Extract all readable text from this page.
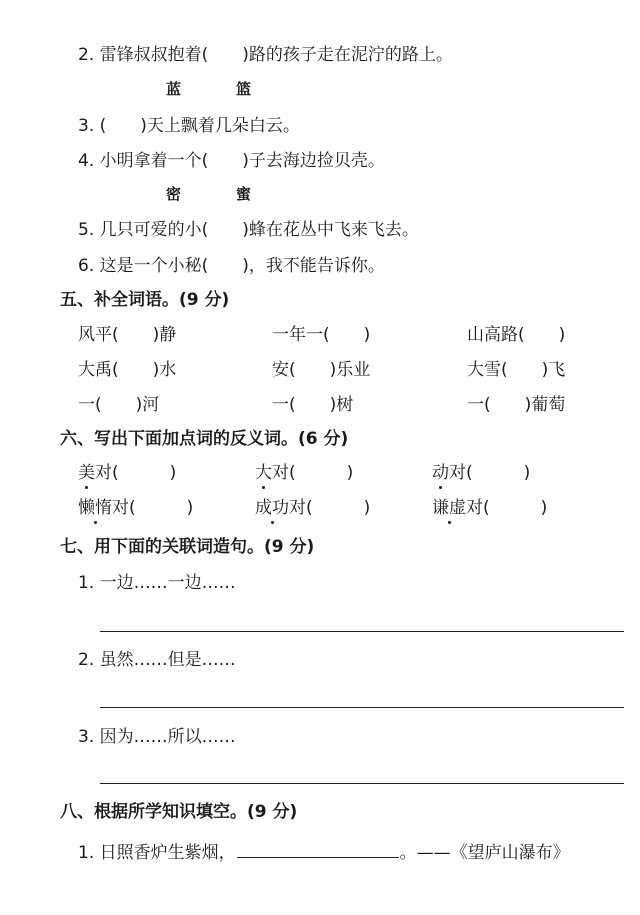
2. 雷锋叔叔抱着(　　)路的孩子走在泥泞的路上。
蓝	篮
3. (　　)天上飘着几朵白云。
4. 小明拿着一个(　　)子去海边捡贝壳。
密	蜜
5. 几只可爱的小(　　)蜂在花丛中飞来飞去。
6. 这是一个小秘(　　)，我不能告诉你。
五、补全词语。(9 分)
风平(　　)静	一年一(　　)	山高路(　　)
大禹(　　)水	安(　　)乐业	大雪(　　)飞
一(　　)河	一(　　)树	一(　　)葡萄
六、写出下面加点词的反义词。(6 分)
美对(　　　)	大对(　　　)	动对(　　　)
懒惰对(　　　)	成功对(　　　)	谦虚对(　　　)
七、用下面的关联词造句。(9 分)
1. 一边……一边……
2. 虽然……但是……
3. 因为……所以……
八、根据所学知识填空。(9 分)
1. 日照香炉生紫烟，	。——《望庐山瀑布》
